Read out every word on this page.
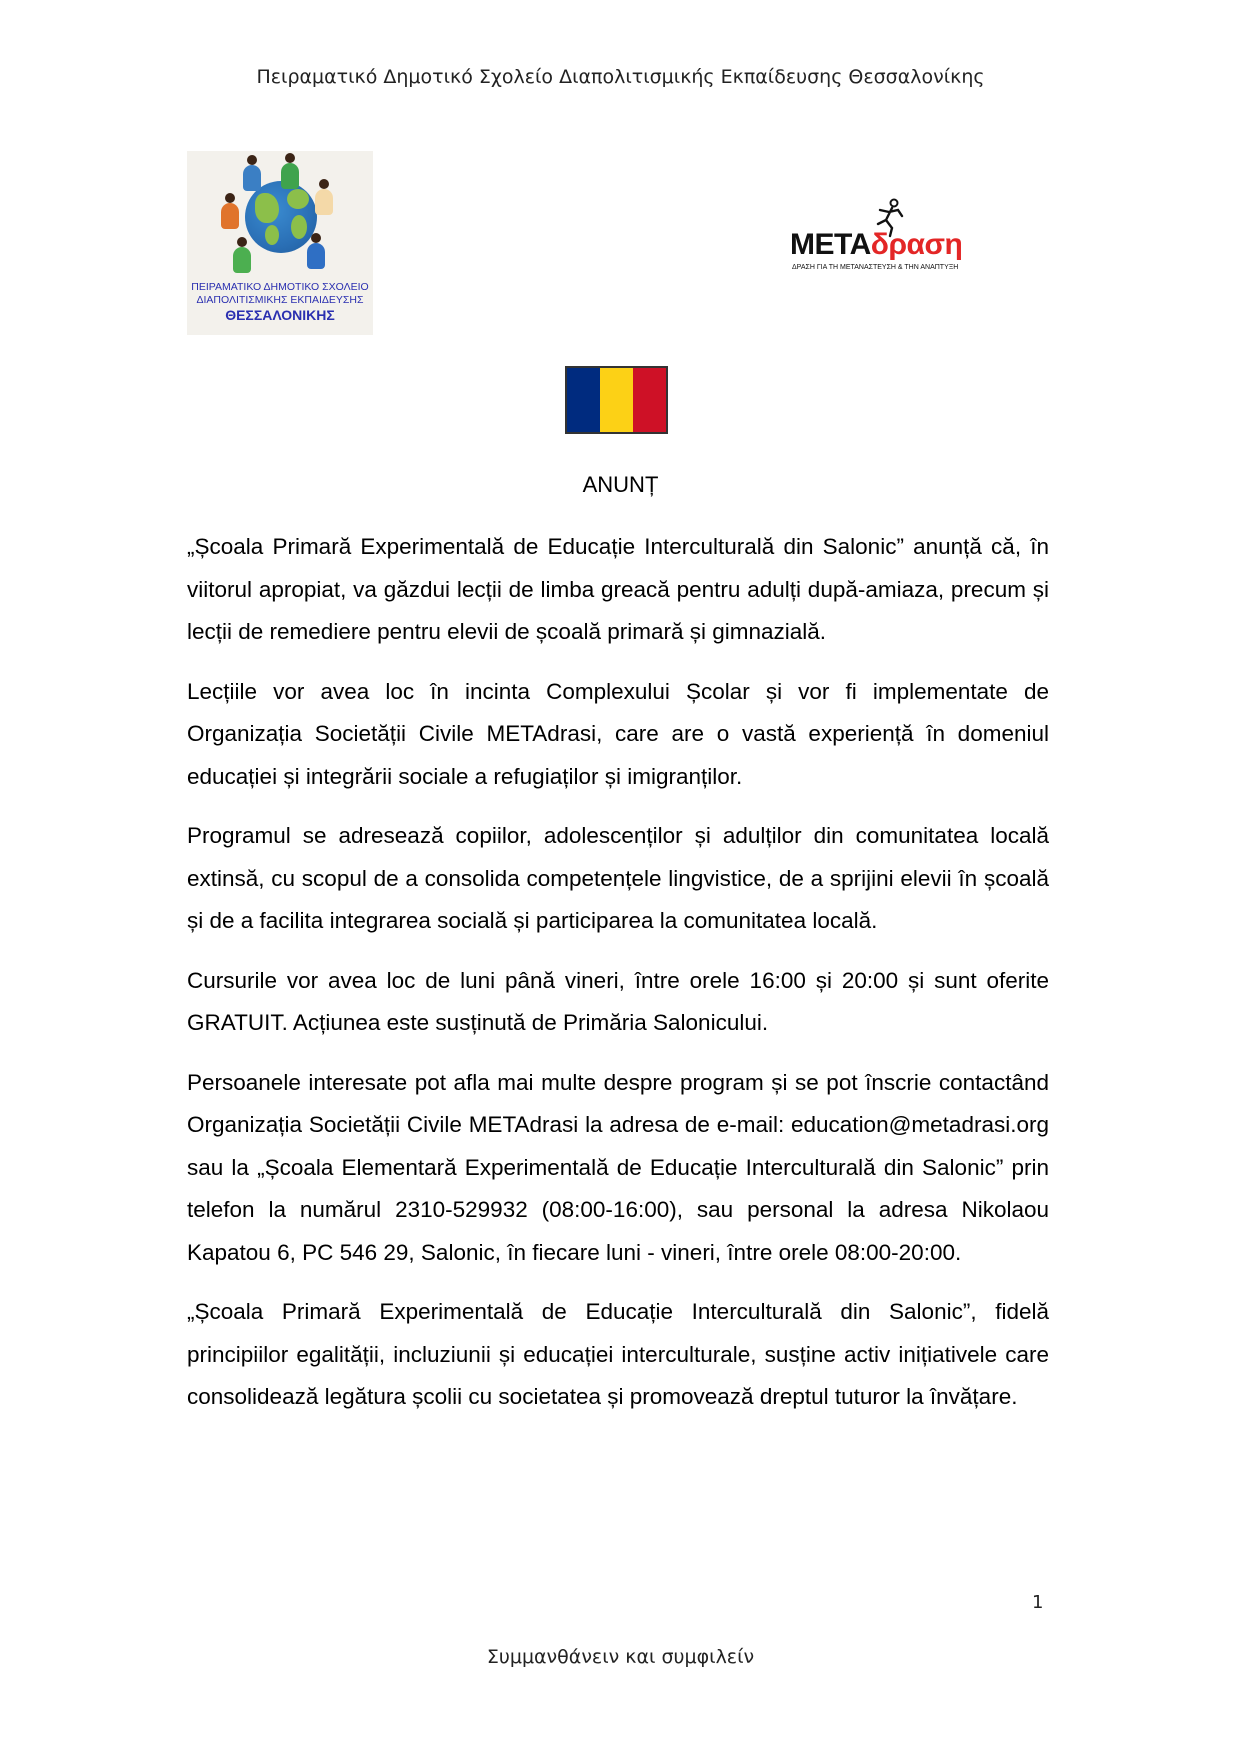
Πειραματικό Δημοτικό Σχολείο Διαπολιτισμικής Εκπαίδευσης Θεσσαλονίκης
ΠΕΙΡΑΜΑΤΙΚΟ ΔΗΜΟΤΙΚΟ ΣΧΟΛΕΙΟ
ΔΙΑΠΟΛΙΤΙΣΜΙΚΗΣ ΕΚΠΑΙΔΕΥΣΗΣ
ΘΕΣΣΑΛΟΝΙΚΗΣ
METAδραση
ΔΡΑΣΗ ΓΙΑ ΤΗ ΜΕΤΑΝΑΣΤΕΥΣΗ & ΤΗΝ ΑΝΑΠΤΥΞΗ
ANUNȚ

„Școala Primară Experimentală de Educație Interculturală din Salonic” anunță că, în viitorul apropiat, va găzdui lecții de limba greacă pentru adulți după-amiaza, precum și lecții de remediere pentru elevii de școală primară și gimnazială.

Lecțiile vor avea loc în incinta Complexului Școlar și vor fi implementate de Organizația Societății Civile METAdrasi, care are o vastă experiență în domeniul educației și integrării sociale a refugiaților și imigranților.

Programul se adresează copiilor, adolescenților și adulților din comunitatea locală extinsă, cu scopul de a consolida competențele lingvistice, de a sprijini elevii în școală și de a facilita integrarea socială și participarea la comunitatea locală.

Cursurile vor avea loc de luni până vineri, între orele 16:00 și 20:00 și sunt oferite GRATUIT. Acțiunea este susținută de Primăria Salonicului.

Persoanele interesate pot afla mai multe despre program și se pot înscrie contactând Organizația Societății Civile METAdrasi la adresa de e-mail: education@metadrasi.org sau la „Școala Elementară Experimentală de Educație Interculturală din Salonic” prin telefon la numărul 2310-529932 (08:00-16:00), sau personal la adresa Nikolaou Kapatou 6, PC 546 29, Salonic, în fiecare luni - vineri, între orele 08:00-20:00.

„Școala Primară Experimentală de Educație Interculturală din Salonic”, fidelă principiilor egalității, incluziunii și educației interculturale, susține activ inițiativele care consolidează legătura școlii cu societatea și promovează dreptul tuturor la învățare.

1
Συμμανθάνειν και συμφιλείν
